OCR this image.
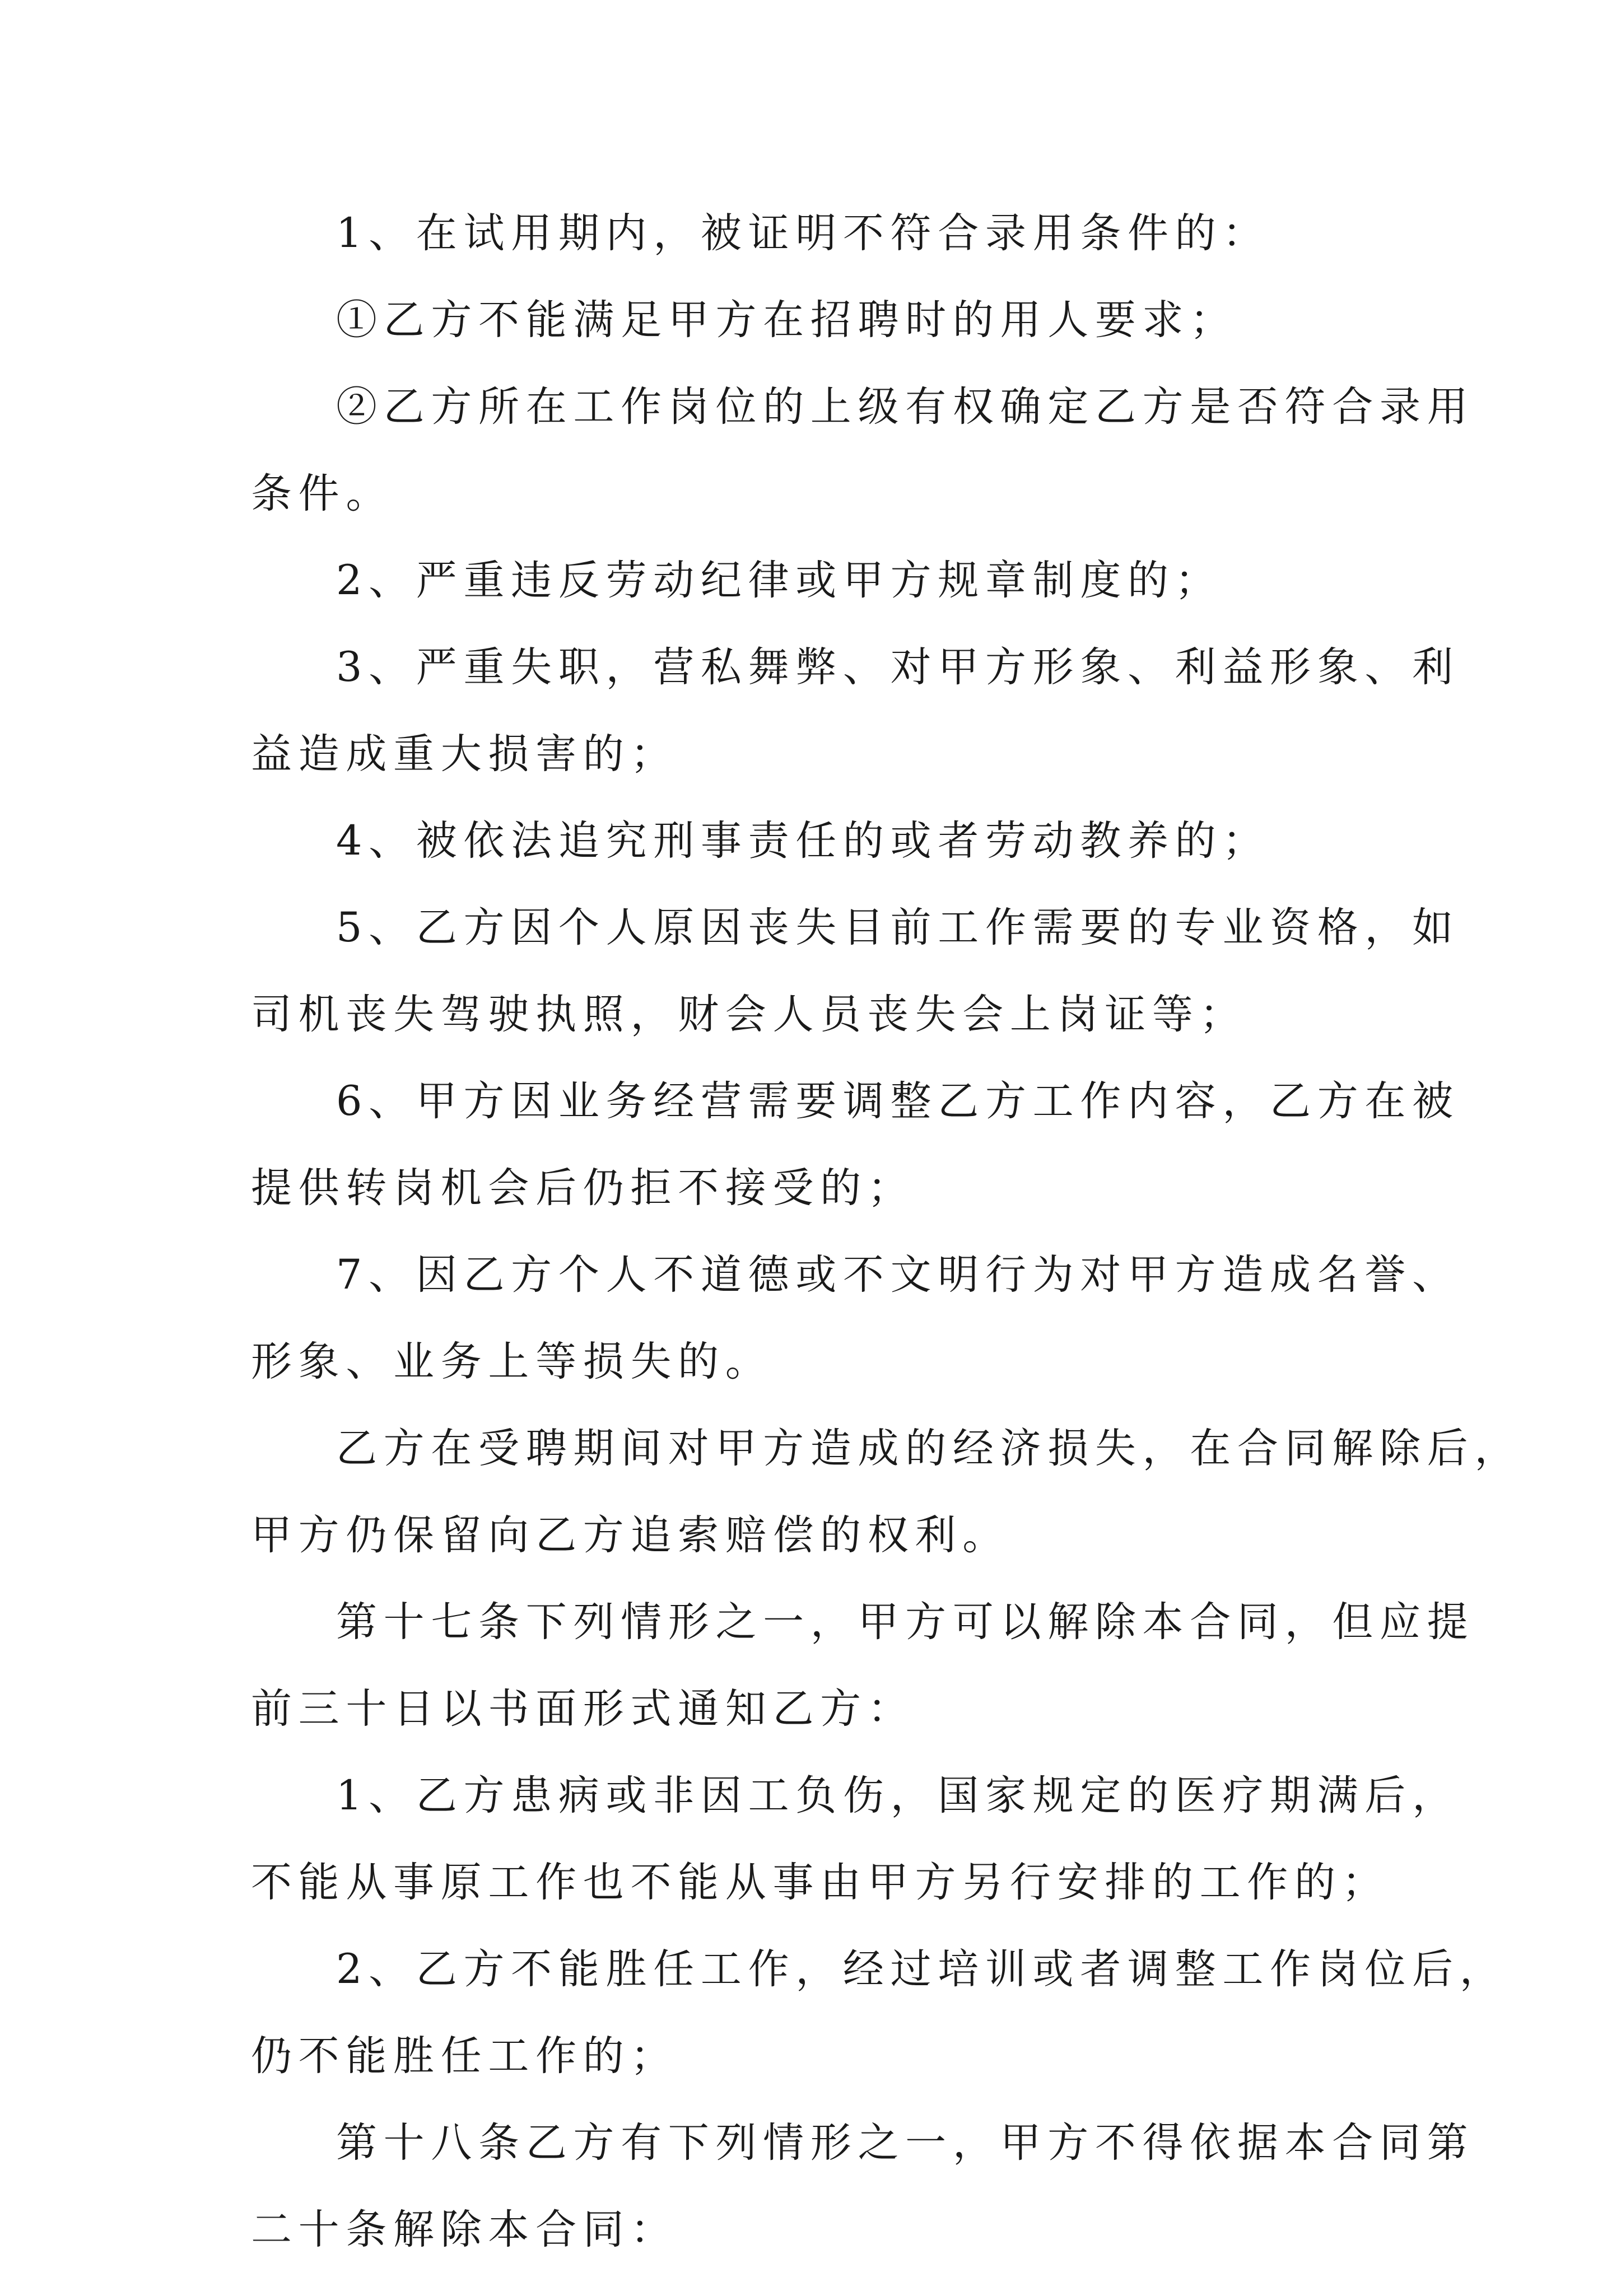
1、在试用期内，被证明不符合录用条件的：
①乙方不能满足甲方在招聘时的用人要求；
②乙方所在工作岗位的上级有权确定乙方是否符合录用
条件。
2、严重违反劳动纪律或甲方规章制度的；
3、严重失职，营私舞弊、对甲方形象、利益形象、利
益造成重大损害的；
4、被依法追究刑事责任的或者劳动教养的；
5、乙方因个人原因丧失目前工作需要的专业资格，如
司机丧失驾驶执照，财会人员丧失会上岗证等；
6、甲方因业务经营需要调整乙方工作内容，乙方在被
提供转岗机会后仍拒不接受的；
7、因乙方个人不道德或不文明行为对甲方造成名誉、
形象、业务上等损失的。
乙方在受聘期间对甲方造成的经济损失，在合同解除后，
甲方仍保留向乙方追索赔偿的权利。
第十七条下列情形之一，甲方可以解除本合同，但应提
前三十日以书面形式通知乙方：
1、乙方患病或非因工负伤，国家规定的医疗期满后，
不能从事原工作也不能从事由甲方另行安排的工作的；
2、乙方不能胜任工作，经过培训或者调整工作岗位后，
仍不能胜任工作的；
第十八条乙方有下列情形之一，甲方不得依据本合同第
二十条解除本合同：
